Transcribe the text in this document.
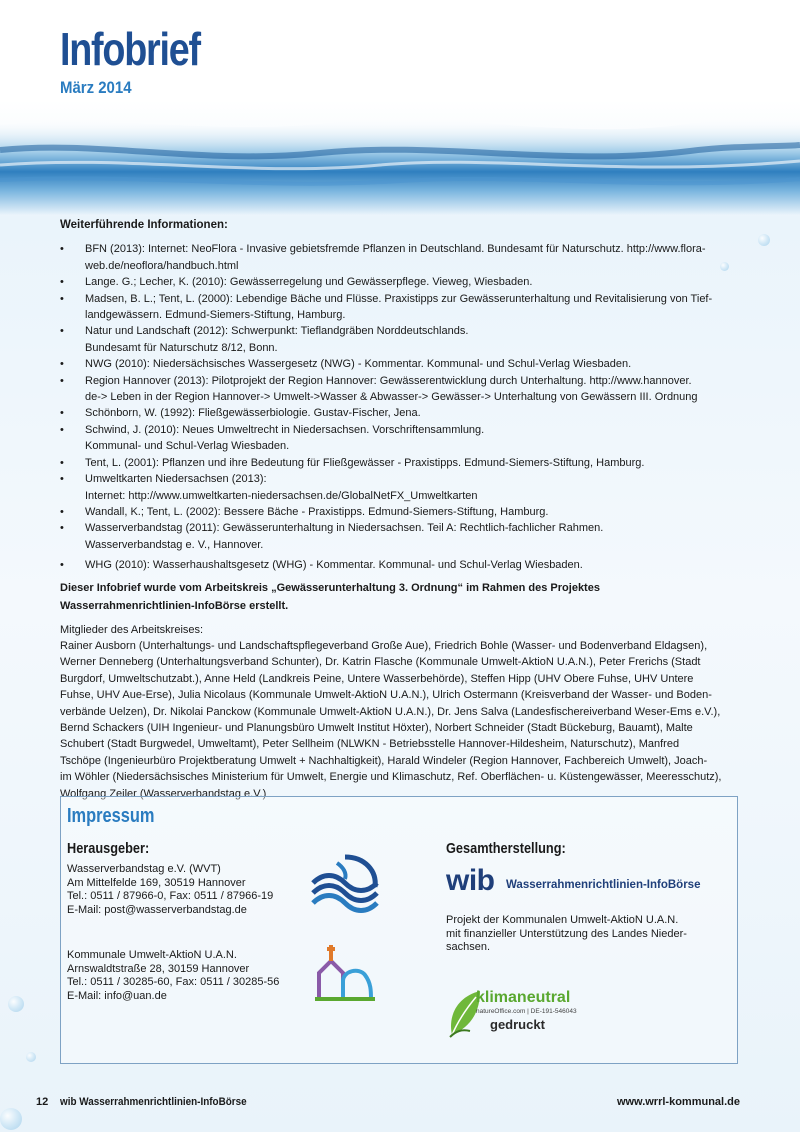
Infobrief
März 2014
Weiterführende Informationen:
• BFN (2013): Internet: NeoFlora - Invasive gebietsfremde Pflanzen in Deutschland. Bundesamt für Naturschutz. http://www.flora-
web.de/neoflora/handbuch.html
• Lange. G.; Lecher, K. (2010): Gewässerregelung und Gewässerpflege. Vieweg, Wiesbaden.
• Madsen, B. L.; Tent, L. (2000): Lebendige Bäche und Flüsse. Praxistipps zur Gewässerunterhaltung und Revitalisierung von Tief-
landgewässern. Edmund-Siemers-Stiftung, Hamburg.
• Natur und Landschaft (2012): Schwerpunkt: Tieflandgräben Norddeutschlands.
Bundesamt für Naturschutz 8/12, Bonn.
• NWG (2010): Niedersächsisches Wassergesetz (NWG) - Kommentar. Kommunal- und Schul-Verlag Wiesbaden.
• Region Hannover (2013): Pilotprojekt der Region Hannover: Gewässerentwicklung durch Unterhaltung. http://www.hannover.
de-> Leben in der Region Hannover-> Umwelt->Wasser & Abwasser-> Gewässer-> Unterhaltung von Gewässern III. Ordnung
• Schönborn, W. (1992): Fließgewässerbiologie. Gustav-Fischer, Jena.
• Schwind, J. (2010): Neues Umweltrecht in Niedersachsen. Vorschriftensammlung.
Kommunal- und Schul-Verlag Wiesbaden.
• Tent, L. (2001): Pflanzen und ihre Bedeutung für Fließgewässer - Praxistipps. Edmund-Siemers-Stiftung, Hamburg.
• Umweltkarten Niedersachsen (2013):
Internet: http://www.umweltkarten-niedersachsen.de/GlobalNetFX_Umweltkarten
• Wandall, K.; Tent, L. (2002): Bessere Bäche - Praxistipps. Edmund-Siemers-Stiftung, Hamburg.
• Wasserverbandstag (2011): Gewässerunterhaltung in Niedersachsen. Teil A: Rechtlich-fachlicher Rahmen.
Wasserverbandstag e. V., Hannover.
• WHG (2010): Wasserhaushaltsgesetz (WHG) - Kommentar. Kommunal- und Schul-Verlag Wiesbaden.
Dieser Infobrief wurde vom Arbeitskreis „Gewässerunterhaltung 3. Ordnung“ im Rahmen des Projektes
Wasserrahmenrichtlinien-InfoBörse erstellt.
Mitglieder des Arbeitskreises:
Rainer Ausborn (Unterhaltungs- und Landschaftspflegeverband Große Aue), Friedrich Bohle (Wasser- und Bodenverband Eldagsen),
Werner Denneberg (Unterhaltungsverband Schunter), Dr. Katrin Flasche (Kommunale Umwelt-AktioN U.A.N.), Peter Frerichs (Stadt
Burgdorf, Umweltschutzabt.), Anne Held (Landkreis Peine, Untere Wasserbehörde), Steffen Hipp (UHV Obere Fuhse, UHV Untere
Fuhse, UHV Aue-Erse), Julia Nicolaus (Kommunale Umwelt-AktioN U.A.N.), Ulrich Ostermann (Kreisverband der Wasser- und Boden-
verbände Uelzen), Dr. Nikolai Panckow (Kommunale Umwelt-AktioN U.A.N.), Dr. Jens Salva (Landesfischereiverband Weser-Ems e.V.),
Bernd Schackers (UIH Ingenieur- und Planungsbüro Umwelt Institut Höxter), Norbert Schneider (Stadt Bückeburg, Bauamt), Malte
Schubert (Stadt Burgwedel, Umweltamt), Peter Sellheim (NLWKN - Betriebsstelle Hannover-Hildesheim, Naturschutz), Manfred
Tschöpe (Ingenieurbüro Projektberatung Umwelt + Nachhaltigkeit), Harald Windeler (Region Hannover, Fachbereich Umwelt), Joach-
im Wöhler (Niedersächsisches Ministerium für Umwelt, Energie und Klimaschutz, Ref. Oberflächen- u. Küstengewässer, Meeresschutz),
Wolfgang Zeiler (Wasserverbandstag e.V.)
Impressum
Herausgeber:
Wasserverbandstag e.V. (WVT)
Am Mittelfelde 169, 30519 Hannover
Tel.: 0511 / 87966-0, Fax: 0511 / 87966-19
E-Mail: post@wasserverbandstag.de
Kommunale Umwelt-AktioN U.A.N.
Arnswaldtstraße 28, 30159 Hannover
Tel.: 0511 / 30285-60, Fax: 0511 / 30285-56
E-Mail: info@uan.de
Gesamtherstellung:
wib Wasserrahmenrichtlinien-InfoBörse
Projekt der Kommunalen Umwelt-AktioN U.A.N.
mit finanzieller Unterstützung des Landes Nieder-
sachsen.
klimaneutral
natureOffice.com | DE-191-546043
gedruckt
12 wib Wasserrahmenrichtlinien-InfoBörse	www.wrrl-kommunal.de
